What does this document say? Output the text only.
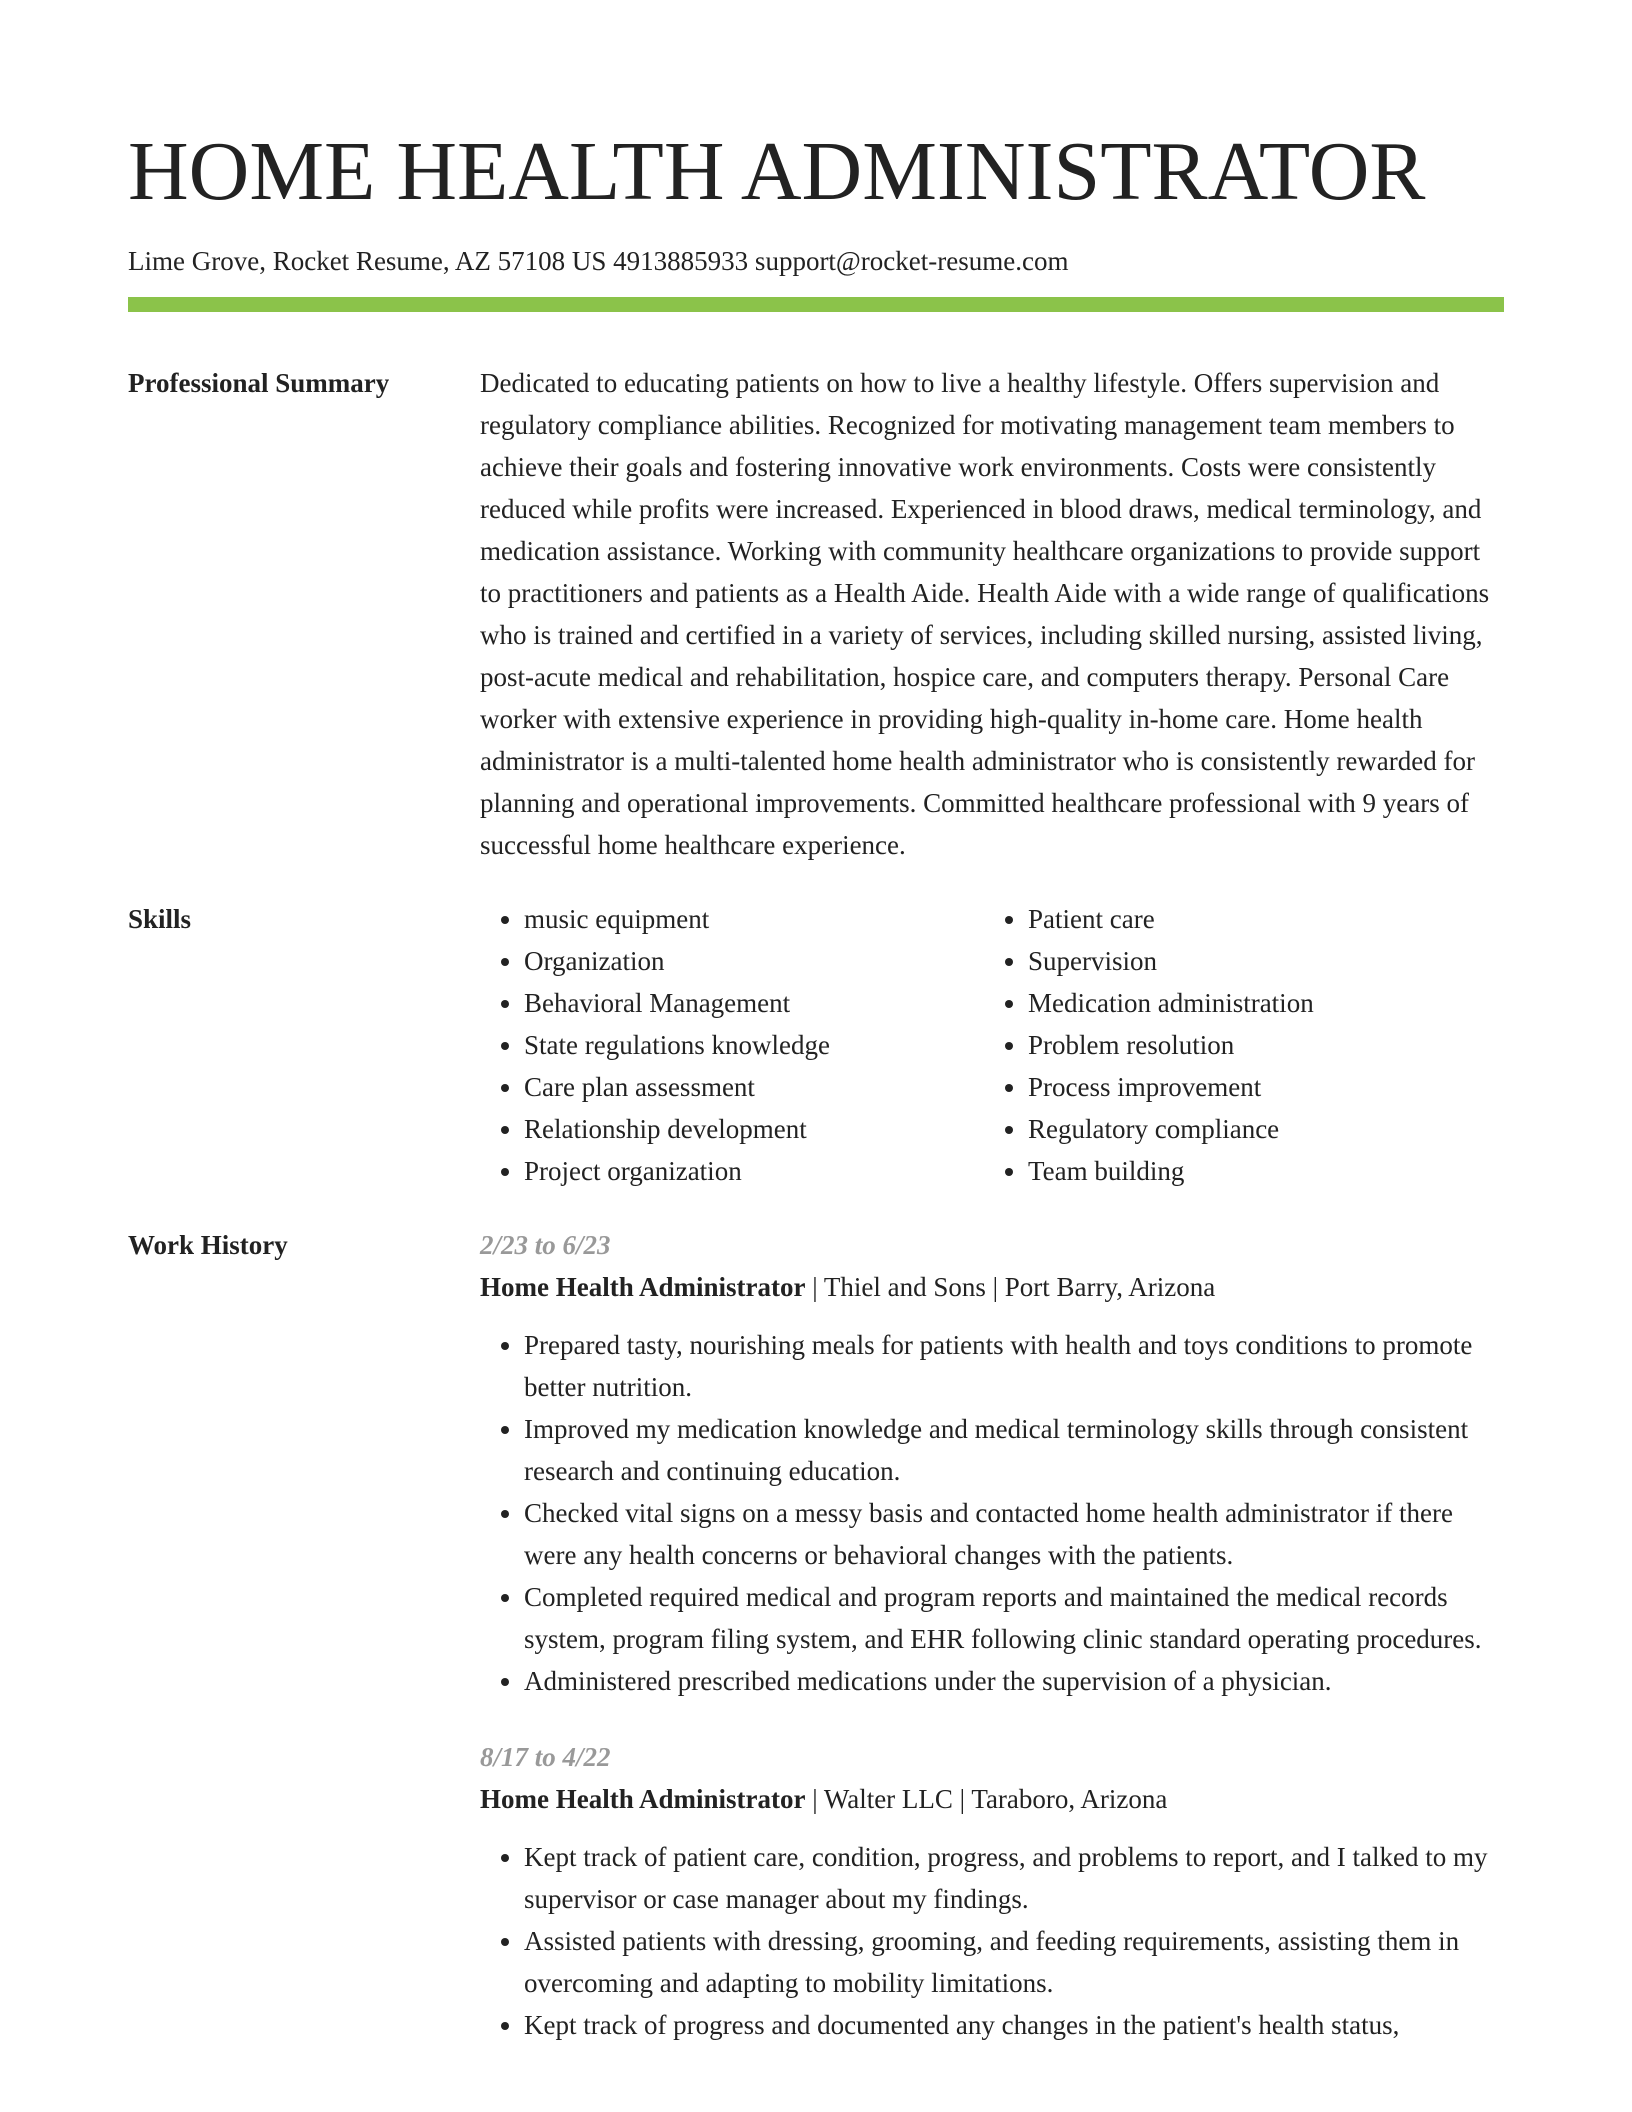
HOME HEALTH ADMINISTRATOR
Lime Grove, Rocket Resume, AZ 57108 US 4913885933 support@rocket-resume.com
Professional Summary	Dedicated to educating patients on how to live a healthy lifestyle. Offers supervision and regulatory compliance abilities. Recognized for motivating management team members to achieve their goals and fostering innovative work environments. Costs were consistently reduced while profits were increased. Experienced in blood draws, medical terminology, and medication assistance. Working with community healthcare organizations to provide support to practitioners and patients as a Health Aide. Health Aide with a wide range of qualifications who is trained and certified in a variety of services, including skilled nursing, assisted living, post-acute medical and rehabilitation, hospice care, and computers therapy. Personal Care worker with extensive experience in providing high-quality in-home care. Home health administrator is a multi-talented home health administrator who is consistently rewarded for planning and operational improvements. Committed healthcare professional with 9 years of successful home healthcare experience.

Skills
•	music equipment
• Organization
• Behavioral Management
• State regulations knowledge
• Care plan assessment
• Relationship development
• Project organization
• Patient care
• Supervision
• Medication administration
• Problem resolution
• Process improvement
• Regulatory compliance
• Team building
Work History	2/23 to 6/23

Home Health Administrator | Thiel and Sons | Port Barry, Arizona

• Prepared tasty, nourishing meals for patients with health and toys conditions to promote better nutrition.
• Improved my medication knowledge and medical terminology skills through consistent research and continuing education.
• Checked vital signs on a messy basis and contacted home health administrator if there were any health concerns or behavioral changes with the patients.
• Completed required medical and program reports and maintained the medical records system, program filing system, and EHR following clinic standard operating procedures.
• Administered prescribed medications under the supervision of a physician.
8/17 to 4/22

Home Health Administrator | Walter LLC | Taraboro, Arizona

• Kept track of patient care, condition, progress, and problems to report, and I talked to my supervisor or case manager about my findings.
• Assisted patients with dressing, grooming, and feeding requirements, assisting them in overcoming and adapting to mobility limitations.
• Kept track of progress and documented any changes in the patient's health status,
